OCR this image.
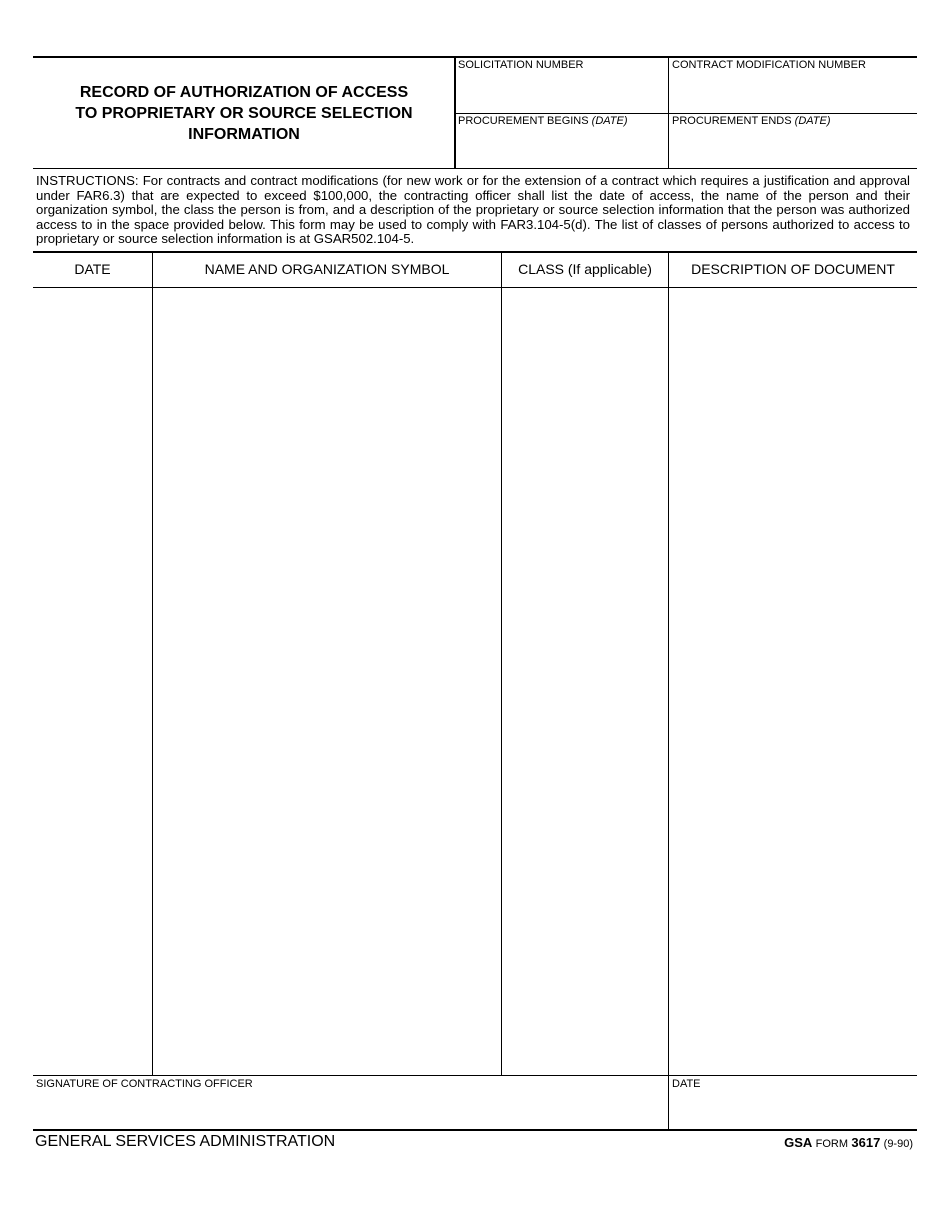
RECORD OF AUTHORIZATION OF ACCESS
TO PROPRIETARY OR SOURCE SELECTION
INFORMATION
SOLICITATION NUMBER	CONTRACT MODIFICATION NUMBER
PROCUREMENT BEGINS (DATE)	PROCUREMENT ENDS (DATE)
INSTRUCTIONS: For contracts and contract modifications (for new work or for the extension of a contract which requires a justification and approval under FAR6.3) that are expected to exceed $100,000, the contracting officer shall list the date of access, the name of the person and their organization symbol, the class the person is from, and a description of the proprietary or source selection information that the person was authorized access to in the space provided below. This form may be used to comply with FAR3.104-5(d). The list of classes of persons authorized to access to proprietary or source selection information is at GSAR502.104-5.
DATE	NAME AND ORGANIZATION SYMBOL	CLASS (If applicable)	DESCRIPTION OF DOCUMENT
SIGNATURE OF CONTRACTING OFFICER	DATE
GENERAL SERVICES ADMINISTRATION	GSA FORM 3617 (9-90)
